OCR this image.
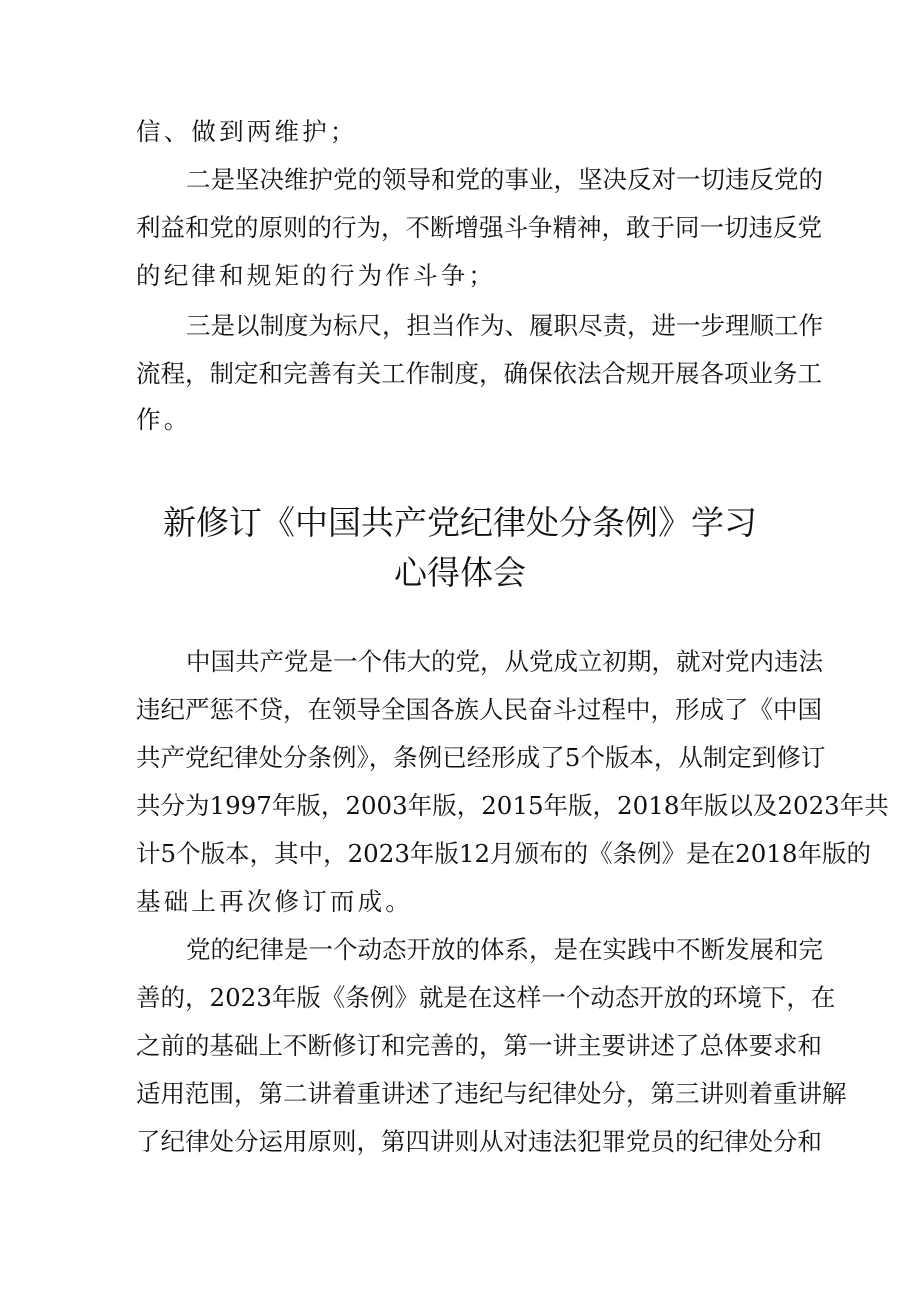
信、做到两维护；
二是坚决维护党的领导和党的事业，坚决反对一切违反党的
利益和党的原则的行为，不断增强斗争精神，敢于同一切违反党
的纪律和规矩的行为作斗争；
三是以制度为标尺，担当作为、履职尽责，进一步理顺工作
流程，制定和完善有关工作制度，确保依法合规开展各项业务工
作。
新修订《中国共产党纪律处分条例》学习
心得体会
中国共产党是一个伟大的党，从党成立初期，就对党内违法
违纪严惩不贷，在领导全国各族人民奋斗过程中，形成了《中国
共产党纪律处分条例》，条例已经形成了5个版本，从制定到修订
共分为1997年版，2003年版，2015年版，2018年版以及2023年共
计5个版本，其中，2023年版12月颁布的《条例》是在2018年版的
基础上再次修订而成。
党的纪律是一个动态开放的体系，是在实践中不断发展和完
善的，2023年版《条例》就是在这样一个动态开放的环境下，在
之前的基础上不断修订和完善的，第一讲主要讲述了总体要求和
适用范围，第二讲着重讲述了违纪与纪律处分，第三讲则着重讲解
了纪律处分运用原则，第四讲则从对违法犯罪党员的纪律处分和
